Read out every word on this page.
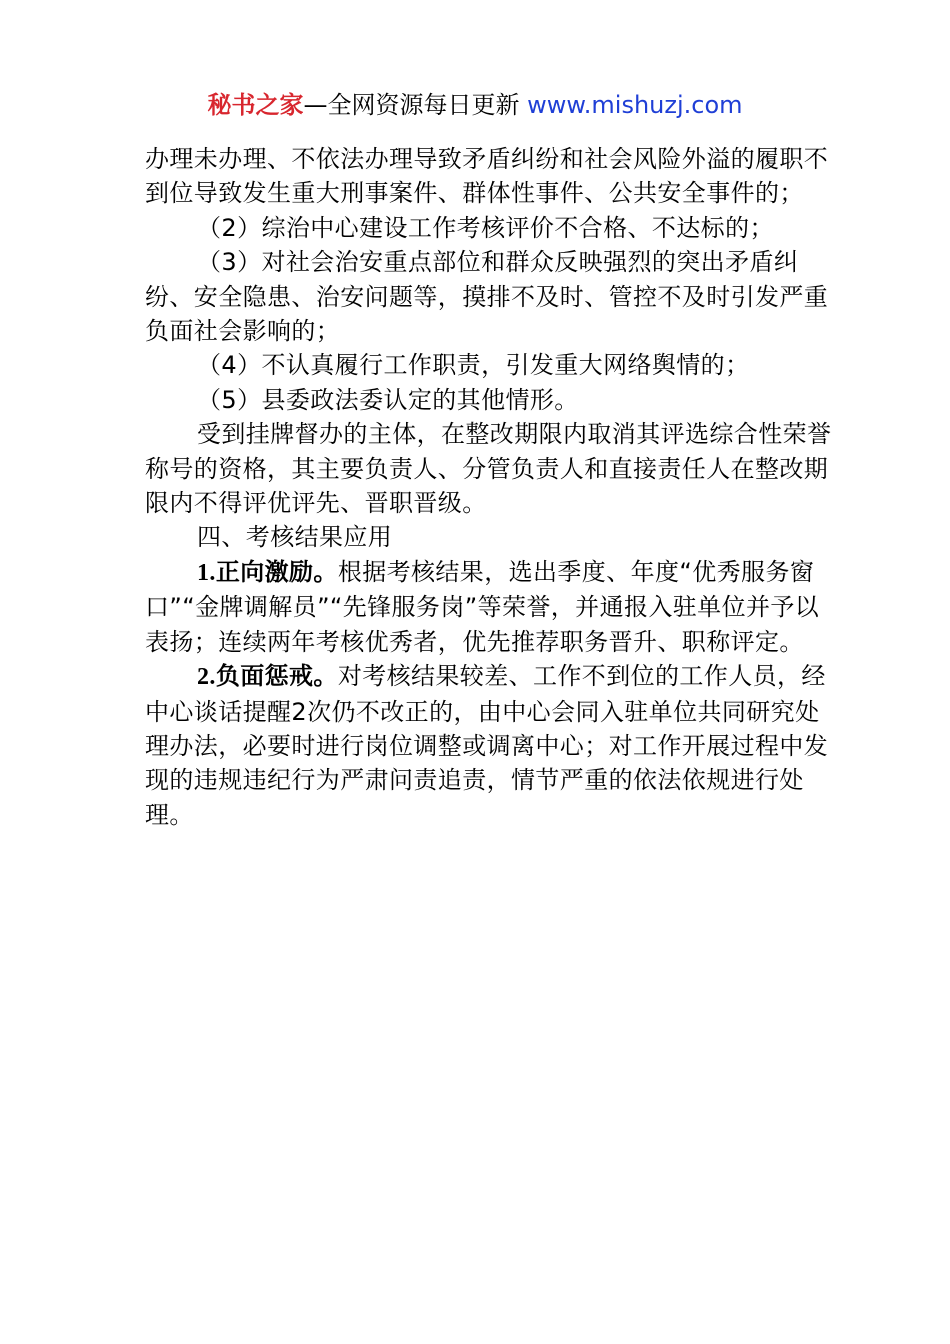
秘书之家—全网资源每日更新 www.mishuzj.com

办理未办理、不依法办理导致矛盾纠纷和社会风险外溢的履职不到位导致发生重大刑事案件、群体性事件、公共安全事件的；

（2）综治中心建设工作考核评价不合格、不达标的；

（3）对社会治安重点部位和群众反映强烈的突出矛盾纠纷、安全隐患、治安问题等，摸排不及时、管控不及时引发严重负面社会影响的；

（4）不认真履行工作职责，引发重大网络舆情的；

（5）县委政法委认定的其他情形。

受到挂牌督办的主体，在整改期限内取消其评选综合性荣誉称号的资格，其主要负责人、分管负责人和直接责任人在整改期限内不得评优评先、晋职晋级。

四、考核结果应用

1.正向激励。根据考核结果，选出季度、年度“优秀服务窗口”“金牌调解员”“先锋服务岗”等荣誉，并通报入驻单位并予以表扬；连续两年考核优秀者，优先推荐职务晋升、职称评定。

2.负面惩戒。对考核结果较差、工作不到位的工作人员，经中心谈话提醒2次仍不改正的，由中心会同入驻单位共同研究处理办法，必要时进行岗位调整或调离中心；对工作开展过程中发现的违规违纪行为严肃问责追责，情节严重的依法依规进行处理。
